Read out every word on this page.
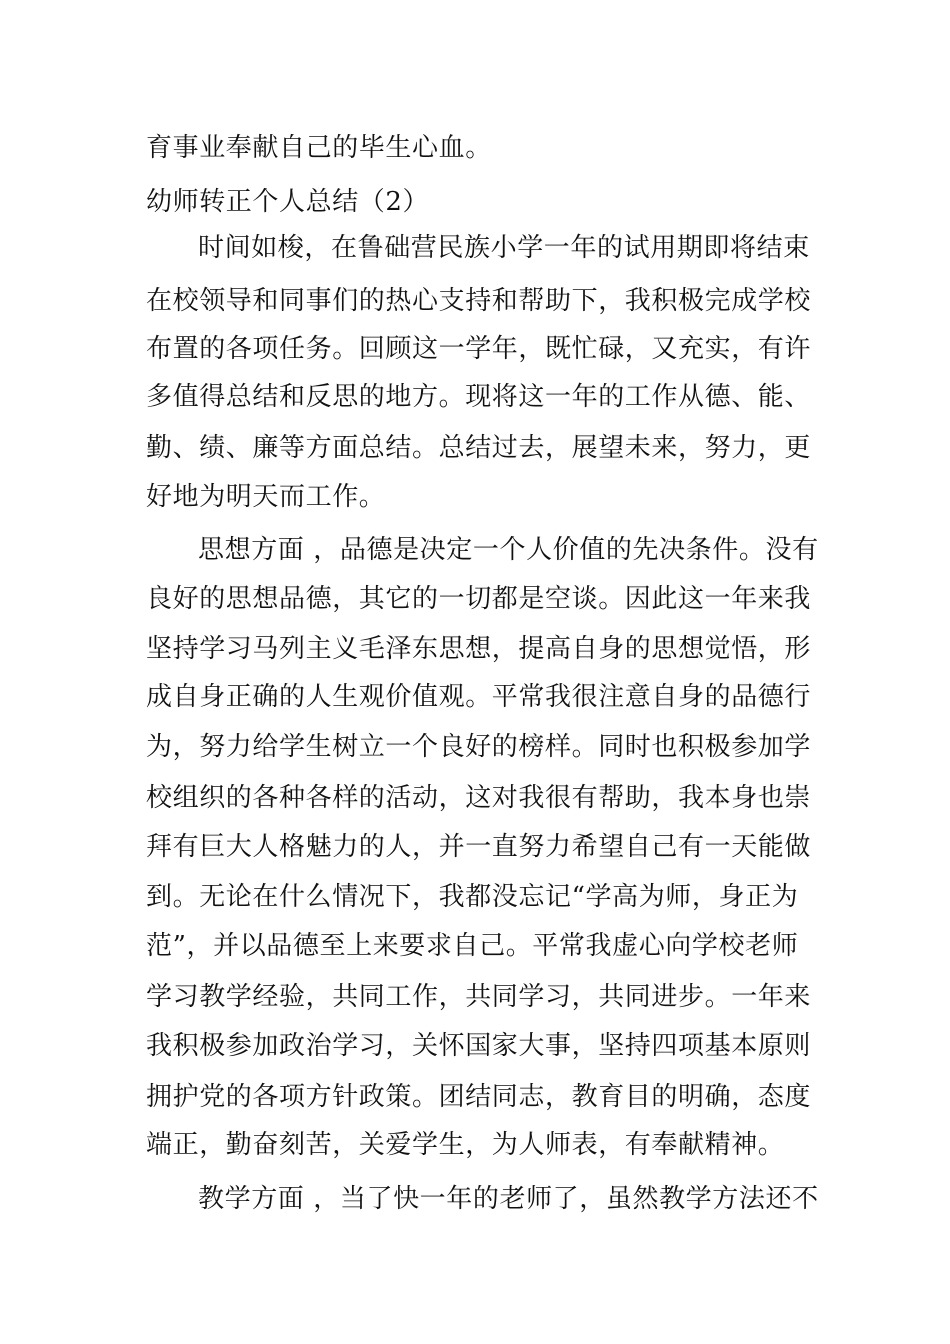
育事业奉献自己的毕生心血。
幼师转正个人总结（2）
时间如梭，在鲁础营民族小学一年的试用期即将结束
在校领导和同事们的热心支持和帮助下，我积极完成学校
布置的各项任务。回顾这一学年，既忙碌，又充实，有许
多值得总结和反思的地方。现将这一年的工作从德、能、
勤、绩、廉等方面总结。总结过去，展望未来，努力，更
好地为明天而工作。
思想方面 ，品德是决定一个人价值的先决条件。没有
良好的思想品德，其它的一切都是空谈。因此这一年来我
坚持学习马列主义毛泽东思想，提高自身的思想觉悟，形
成自身正确的人生观价值观。平常我很注意自身的品德行
为，努力给学生树立一个良好的榜样。同时也积极参加学
校组织的各种各样的活动，这对我很有帮助，我本身也崇
拜有巨大人格魅力的人，并一直努力希望自己有一天能做
到。无论在什么情况下，我都没忘记“学高为师，身正为
范”，并以品德至上来要求自己。平常我虚心向学校老师
学习教学经验，共同工作，共同学习，共同进步。一年来
我积极参加政治学习，关怀国家大事，坚持四项基本原则
拥护党的各项方针政策。团结同志，教育目的明确，态度
端正，勤奋刻苦，关爱学生，为人师表，有奉献精神。
教学方面 ，当了快一年的老师了，虽然教学方法还不
